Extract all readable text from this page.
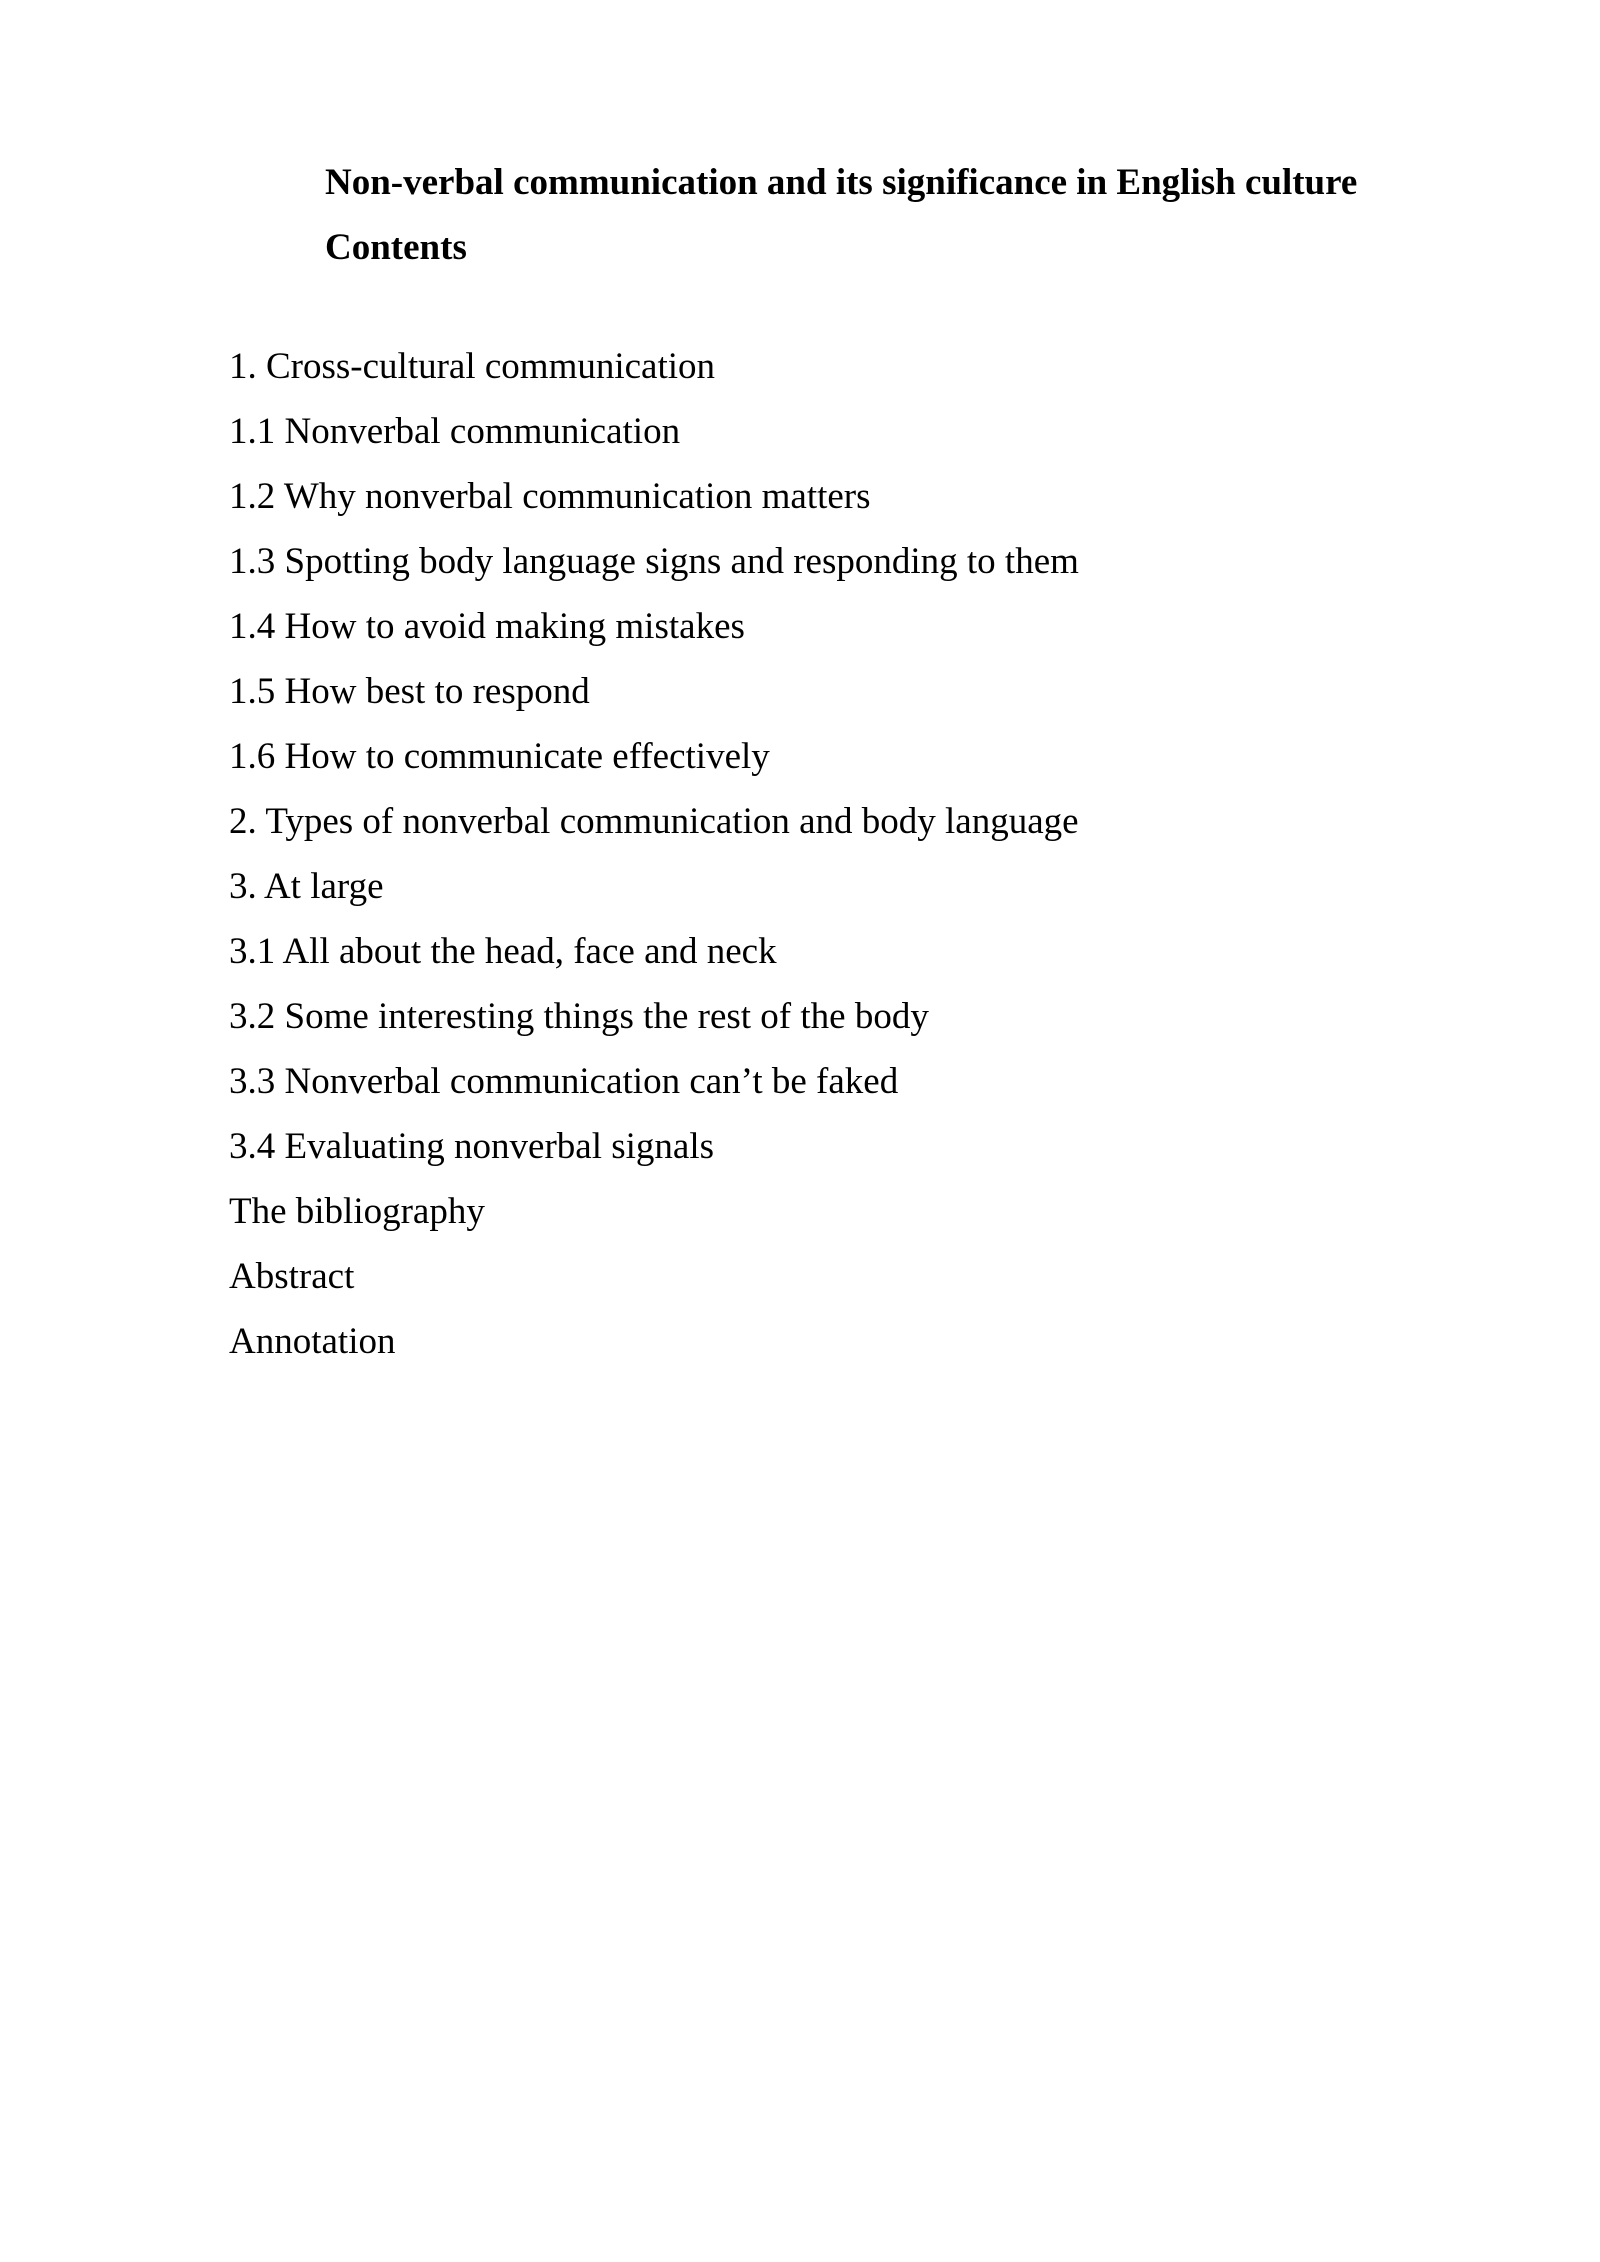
Non-verbal communication and its significance in English culture
Contents
1. Cross-cultural communication
1.1 Nonverbal communication
1.2 Why nonverbal communication matters
1.3 Spotting body language signs and responding to them
1.4 How to avoid making mistakes
1.5 How best to respond
1.6 How to communicate effectively
2. Types of nonverbal communication and body language
3. At large
3.1 All about the head, face and neck
3.2 Some interesting things the rest of the body
3.3 Nonverbal communication can’t be faked
3.4 Evaluating nonverbal signals
The bibliography
Abstract
Annotation
